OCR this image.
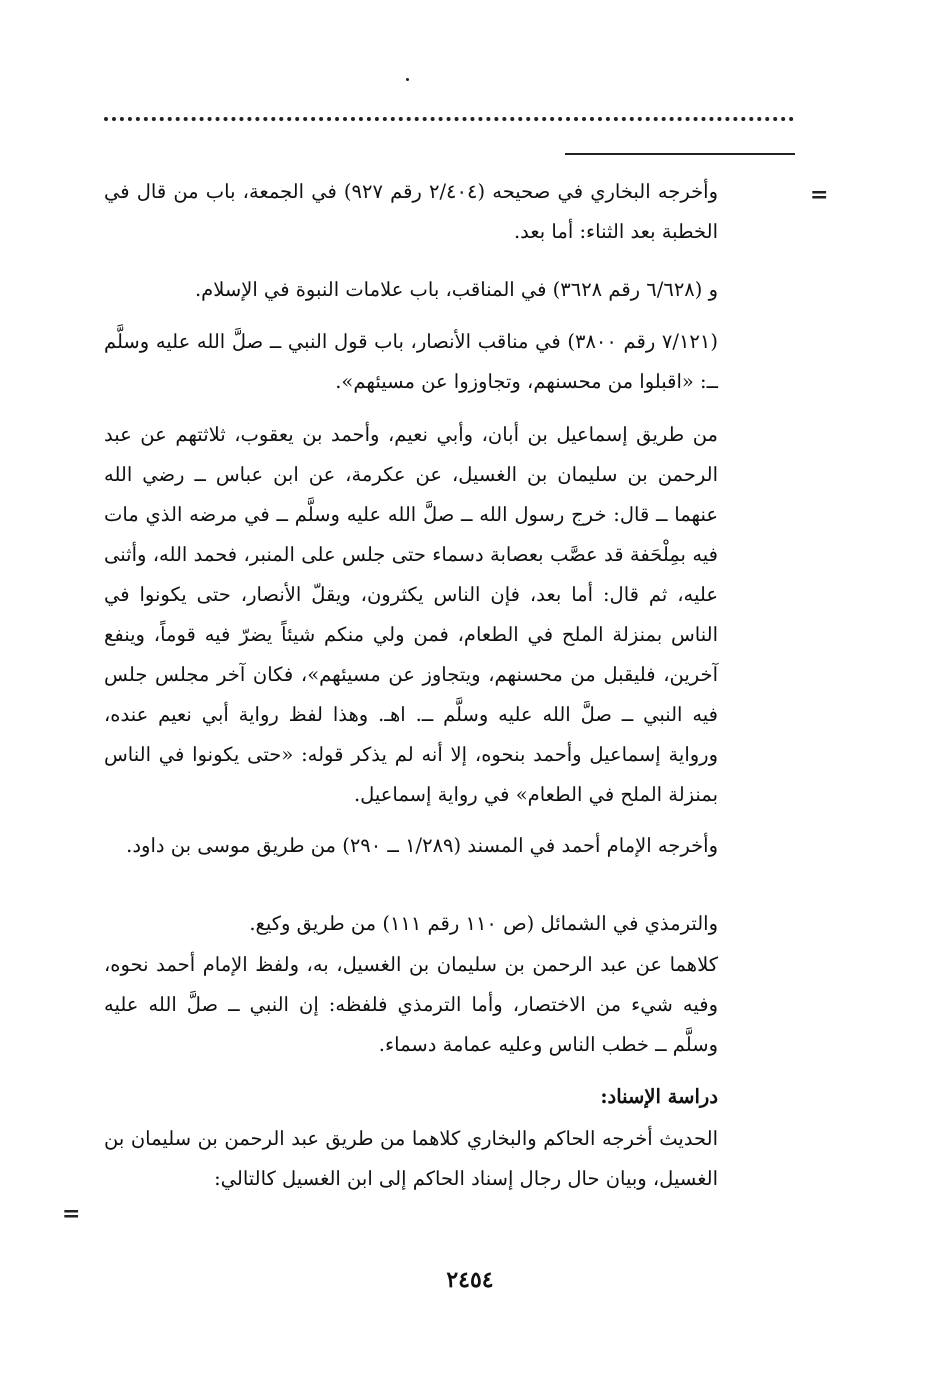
=

وأخرجه البخاري في صحيحه (٢/٤٠٤ رقم ٩٢٧) في الجمعة، باب من قال في الخطبة بعد الثناء: أما بعد.

و (٦/٦٢٨ رقم ٣٦٢٨) في المناقب، باب علامات النبوة في الإسلام.

(٧/١٢١ رقم ٣٨٠٠) في مناقب الأنصار، باب قول النبي ــ صلَّ الله عليه وسلَّم ــ: «اقبلوا من محسنهم، وتجاوزوا عن مسيئهم».

من طريق إسماعيل بن أبان، وأبي نعيم، وأحمد بن يعقوب، ثلاثتهم عن عبد الرحمن بن سليمان بن الغسيل، عن عكرمة، عن ابن عباس ــ رضي الله عنهما ــ قال: خرج رسول الله ــ صلَّ الله عليه وسلَّم ــ في مرضه الذي مات فيه بمِلْحَفة قد عصَّب بعصابة دسماء حتى جلس على المنبر، فحمد الله، وأثنى عليه، ثم قال: أما بعد، فإن الناس يكثرون، ويقلّ الأنصار، حتى يكونوا في الناس بمنزلة الملح في الطعام، فمن ولي منكم شيئاً يضرّ فيه قوماً، وينفع آخرين، فليقبل من محسنهم، ويتجاوز عن مسيئهم»، فكان آخر مجلس جلس فيه النبي ــ صلَّ الله عليه وسلَّم ــ. اهـ. وهذا لفظ رواية أبي نعيم عنده، ورواية إسماعيل وأحمد بنحوه، إلا أنه لم يذكر قوله: «حتى يكونوا في الناس بمنزلة الملح في الطعام» في رواية إسماعيل.

وأخرجه الإمام أحمد في المسند (١/٢٨٩ ــ ٢٩٠) من طريق موسى بن داود.

والترمذي في الشمائل (ص ١١٠ رقم ١١١) من طريق وكيع.

كلاهما عن عبد الرحمن بن سليمان بن الغسيل، به، ولفظ الإمام أحمد نحوه، وفيه شيء من الاختصار، وأما الترمذي فلفظه: إن النبي ــ صلَّ الله عليه وسلَّم ــ خطب الناس وعليه عمامة دسماء.

دراسة الإسناد:

الحديث أخرجه الحاكم والبخاري كلاهما من طريق عبد الرحمن بن سليمان بن الغسيل، وبيان حال رجال إسناد الحاكم إلى ابن الغسيل كالتالي:

=
٢٤٥٤
